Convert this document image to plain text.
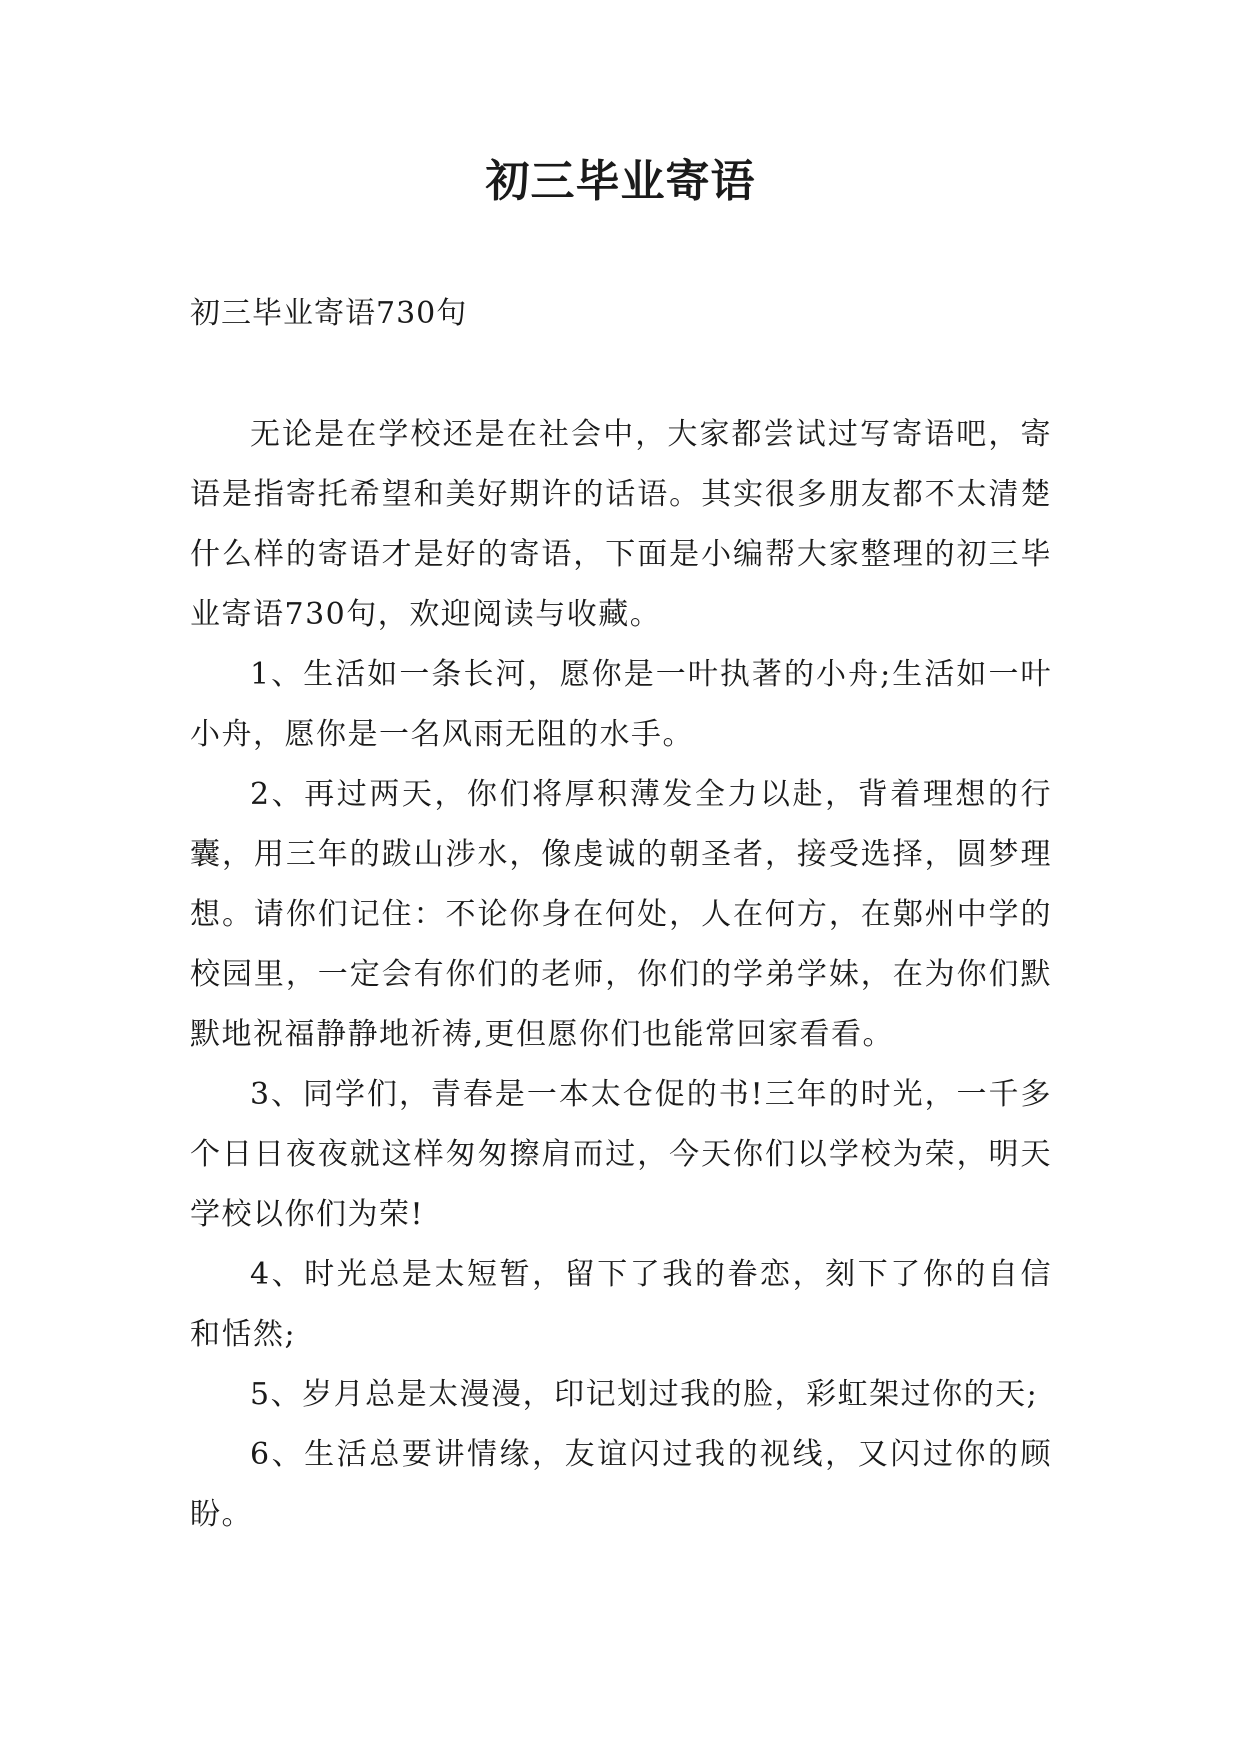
初三毕业寄语

初三毕业寄语730句

无论是在学校还是在社会中，大家都尝试过写寄语吧，寄语是指寄托希望和美好期许的话语。其实很多朋友都不太清楚什么样的寄语才是好的寄语，下面是小编帮大家整理的初三毕业寄语730句，欢迎阅读与收藏。

1、生活如一条长河，愿你是一叶执著的小舟;生活如一叶小舟，愿你是一名风雨无阻的水手。

2、再过两天，你们将厚积薄发全力以赴，背着理想的行囊，用三年的跋山涉水，像虔诚的朝圣者，接受选择，圆梦理想。请你们记住：不论你身在何处，人在何方，在鄚州中学的校园里，一定会有你们的老师，你们的学弟学妹，在为你们默默地祝福静静地祈祷,更但愿你们也能常回家看看。

3、同学们，青春是一本太仓促的书!三年的时光，一千多个日日夜夜就这样匆匆擦肩而过，今天你们以学校为荣，明天学校以你们为荣!

4、时光总是太短暂，留下了我的眷恋，刻下了你的自信和恬然;

5、岁月总是太漫漫，印记划过我的脸，彩虹架过你的天;

6、生活总要讲情缘，友谊闪过我的视线，又闪过你的顾盼。
